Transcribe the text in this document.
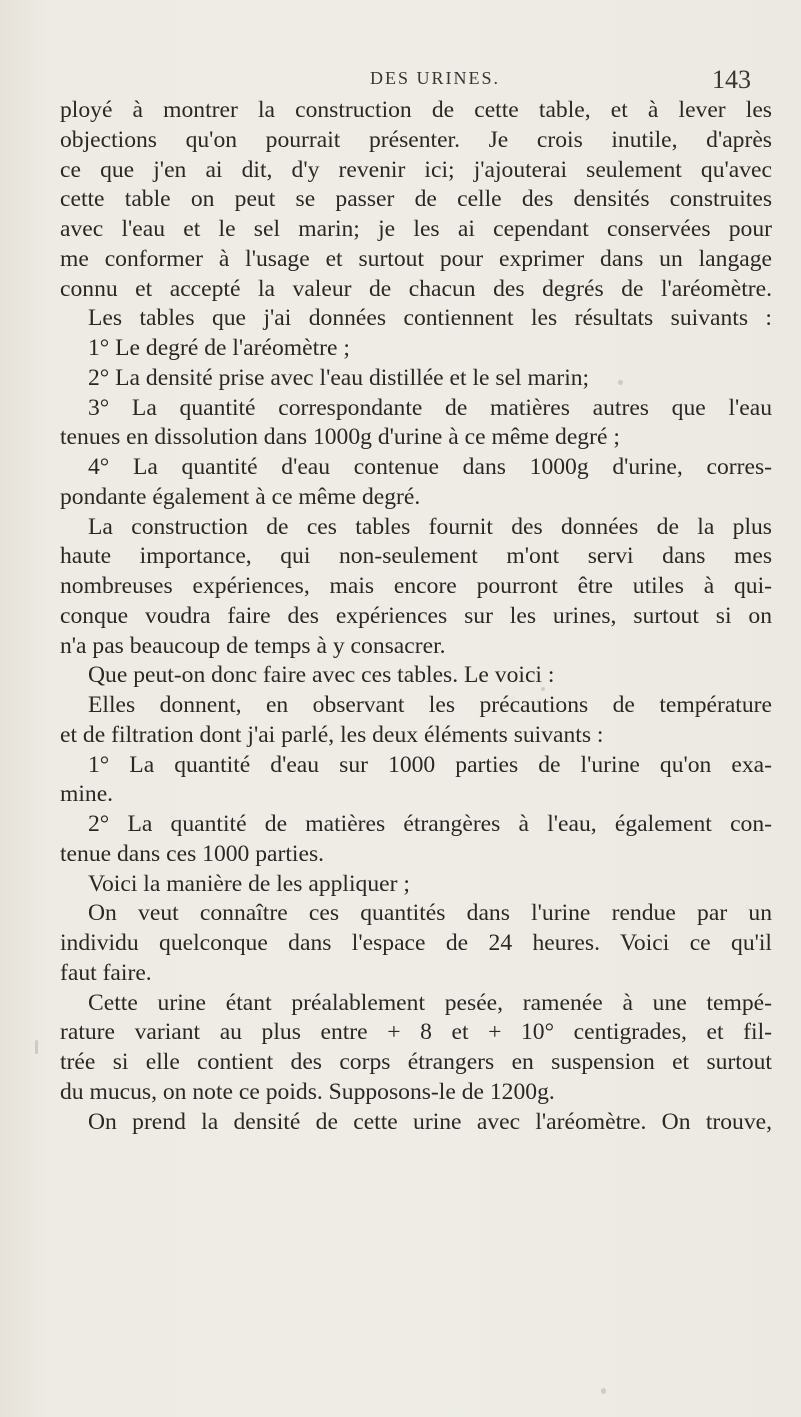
DES URINES.	143
ployé à montrer la construction de cette table, et à lever les
objections qu'on pourrait présenter. Je crois inutile, d'après
ce que j'en ai dit, d'y revenir ici; j'ajouterai seulement qu'avec
cette table on peut se passer de celle des densités construites
avec l'eau et le sel marin; je les ai cependant conservées pour
me conformer à l'usage et surtout pour exprimer dans un langage
connu et accepté la valeur de chacun des degrés de l'aréomètre.
Les tables que j'ai données contiennent les résultats suivants :
1° Le degré de l'aréomètre ;
2° La densité prise avec l'eau distillée et le sel marin;
3° La quantité correspondante de matières autres que l'eau
tenues en dissolution dans 1000g d'urine à ce même degré ;
4° La quantité d'eau contenue dans 1000g d'urine, corres-
pondante également à ce même degré.
La construction de ces tables fournit des données de la plus
haute importance, qui non-seulement m'ont servi dans mes
nombreuses expériences, mais encore pourront être utiles à qui-
conque voudra faire des expériences sur les urines, surtout si on
n'a pas beaucoup de temps à y consacrer.
Que peut-on donc faire avec ces tables. Le voici :
Elles donnent, en observant les précautions de température
et de filtration dont j'ai parlé, les deux éléments suivants :
1° La quantité d'eau sur 1000 parties de l'urine qu'on exa-
mine.
2° La quantité de matières étrangères à l'eau, également con-
tenue dans ces 1000 parties.
Voici la manière de les appliquer ;
On veut connaître ces quantités dans l'urine rendue par un
individu quelconque dans l'espace de 24 heures. Voici ce qu'il
faut faire.
Cette urine étant préalablement pesée, ramenée à une tempé-
rature variant au plus entre + 8 et + 10° centigrades, et fil-
trée si elle contient des corps étrangers en suspension et surtout
du mucus, on note ce poids. Supposons-le de 1200g.
On prend la densité de cette urine avec l'aréomètre. On trouve,
